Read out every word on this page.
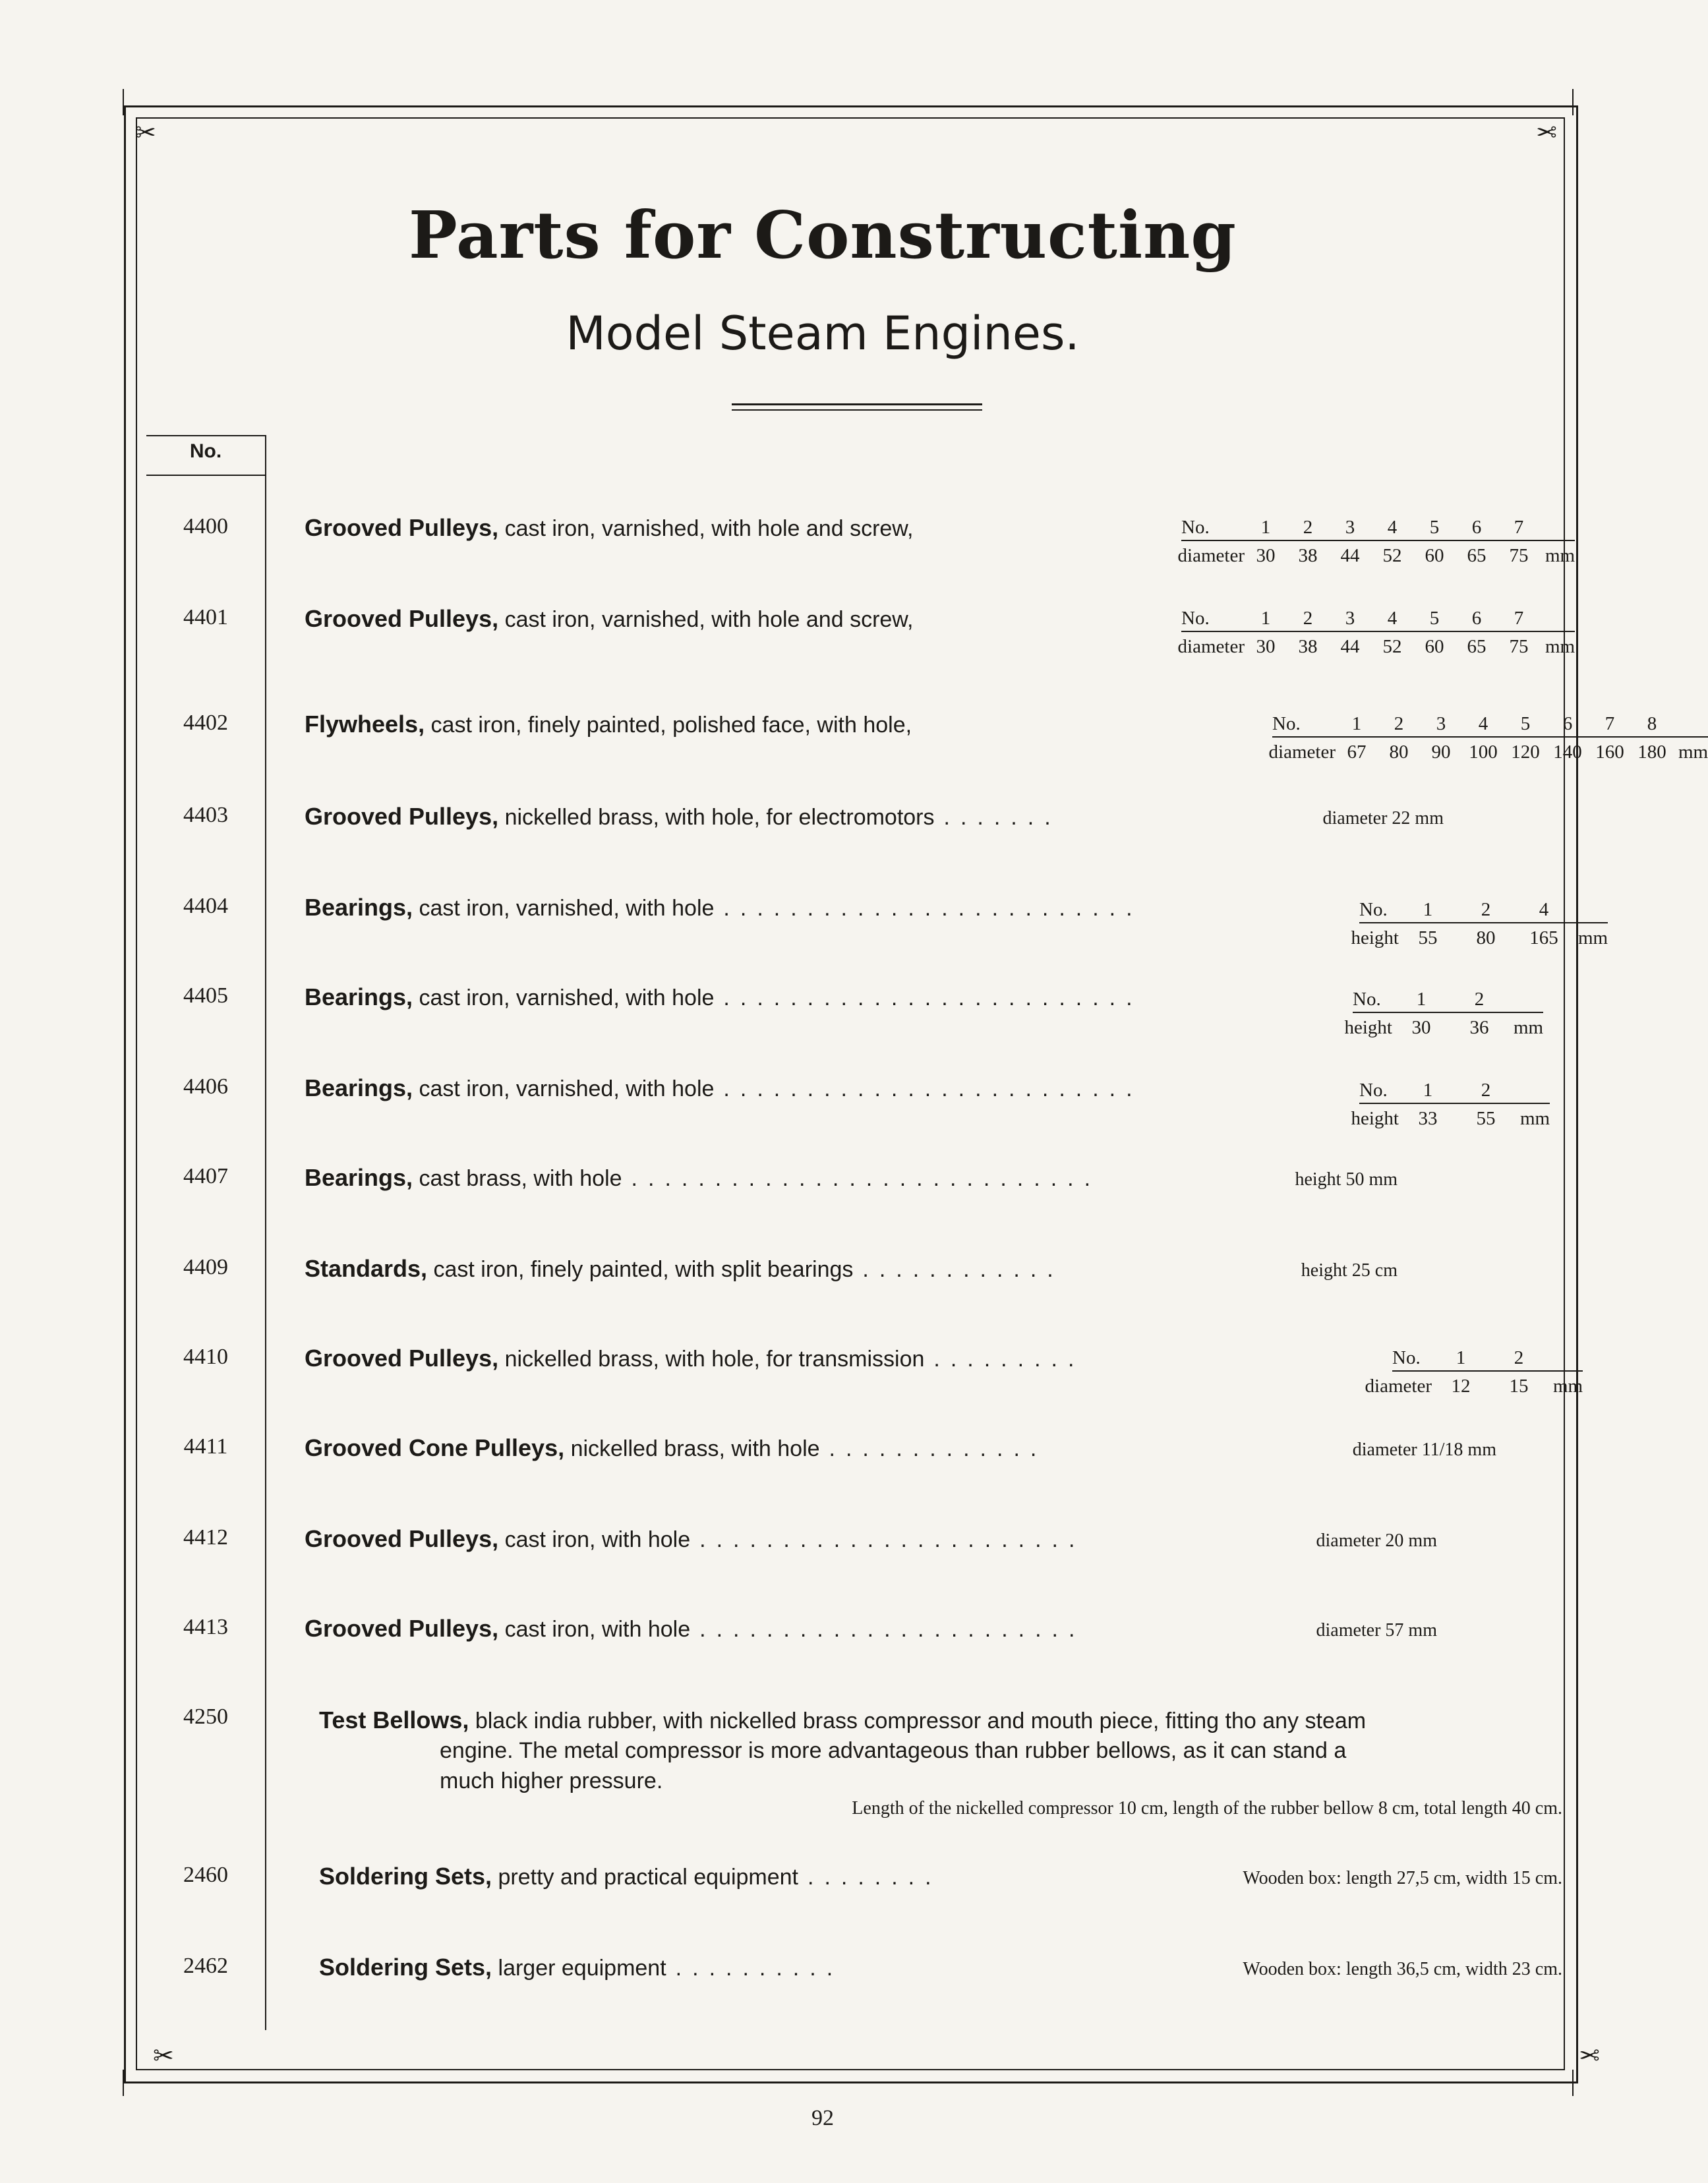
✂	✂
✂	✂
Parts for Constructing
Model Steam Engines.
No.
4400	Grooved Pulleys, cast iron, varnished, with hole and screw,	No.	1	2	3	4	5	6	7
diameter 30	38	44	52	60	65	75 mm
4401	Grooved Pulleys, cast iron, varnished, with hole and screw,	No.	1	2	3	4	5	6	7
diameter 30	38	44	52	60	65	75 mm
4402	Flywheels, cast iron, finely painted, polished face, with hole,	No.	1	2	3	4	5	6	7	8
diameter 67	80	90 100 120 140 160 180 mm
4403	Grooved Pulleys, nickelled brass, with hole, for electromotors .......	diameter 22 mm
4404	Bearings, cast iron, varnished, with hole .........................	No.	1	2	4
height	55	80	165	mm
4405	Bearings, cast iron, varnished, with hole .........................	No.	1	2
height	30	36	mm
4406	Bearings, cast iron, varnished, with hole .........................	No.	1	2
height	33	55	mm
4407	Bearings, cast brass, with hole ............................	height 50 mm
4409	Standards, cast iron, finely painted, with split bearings ............	height 25 cm
4410	Grooved Pulleys, nickelled brass, with hole, for transmission .........	No.	1	2
diameter	12	15	mm
4411	Grooved Cone Pulleys, nickelled brass, with hole .............	diameter 11/18 mm
4412	Grooved Pulleys, cast iron, with hole .......................	diameter 20 mm
4413	Grooved Pulleys, cast iron, with hole .......................	diameter 57 mm
4250	Test Bellows, black india rubber, with nickelled brass compressor and mouth piece, fitting tho any steam
engine. The metal compressor is more advantageous than rubber bellows, as it can stand a
much higher pressure.
Length of the nickelled compressor 10 cm, length of the rubber bellow 8 cm, total length 40 cm.
2460	Soldering Sets, pretty and practical equipment ........	Wooden box: length 27,5 cm, width 15 cm.
2462	Soldering Sets, larger equipment ..........	Wooden box: length 36,5 cm, width 23 cm.
92
